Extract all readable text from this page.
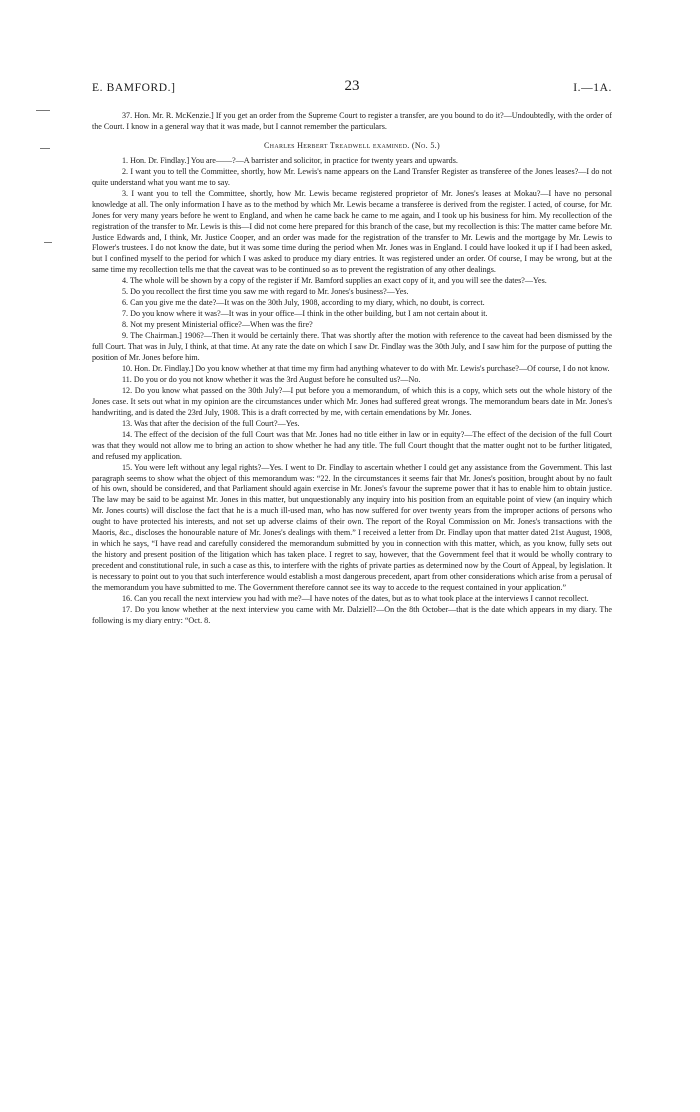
E. BAMFORD.]	23	I.—1A.

37. Hon. Mr. R. McKenzie.] If you get an order from the Supreme Court to register a transfer, are you bound to do it?—Undoubtedly, with the order of the Court. I know in a general way that it was made, but I cannot remember the particulars.

Charles Herbert Treadwell examined. (No. 5.)

1. Hon. Dr. Findlay.] You are——?—A barrister and solicitor, in practice for twenty years and upwards.

2. I want you to tell the Committee, shortly, how Mr. Lewis's name appears on the Land Transfer Register as transferee of the Jones leases?—I do not quite understand what you want me to say.

3. I want you to tell the Committee, shortly, how Mr. Lewis became registered proprietor of Mr. Jones's leases at Mokau?—I have no personal knowledge at all. The only information I have as to the method by which Mr. Lewis became a transferee is derived from the register. I acted, of course, for Mr. Jones for very many years before he went to England, and when he came back he came to me again, and I took up his business for him. My recollection of the registration of the transfer to Mr. Lewis is this—I did not come here prepared for this branch of the case, but my recollection is this: The matter came before Mr. Justice Edwards and, I think, Mr. Justice Cooper, and an order was made for the registration of the transfer to Mr. Lewis and the mortgage by Mr. Lewis to Flower's trustees. I do not know the date, but it was some time during the period when Mr. Jones was in England. I could have looked it up if I had been asked, but I confined myself to the period for which I was asked to produce my diary entries. It was registered under an order. Of course, I may be wrong, but at the same time my recollection tells me that the caveat was to be continued so as to prevent the registration of any other dealings.

4. The whole will be shown by a copy of the register if Mr. Bamford supplies an exact copy of it, and you will see the dates?—Yes.

5. Do you recollect the first time you saw me with regard to Mr. Jones's business?—Yes.

6. Can you give me the date?—It was on the 30th July, 1908, according to my diary, which, no doubt, is correct.

7. Do you know where it was?—It was in your office—I think in the other building, but I am not certain about it.

8. Not my present Ministerial office?—When was the fire?

9. The Chairman.] 1906?—Then it would be certainly there. That was shortly after the motion with reference to the caveat had been dismissed by the full Court. That was in July, I think, at that time. At any rate the date on which I saw Dr. Findlay was the 30th July, and I saw him for the purpose of putting the position of Mr. Jones before him.

10. Hon. Dr. Findlay.] Do you know whether at that time my firm had anything whatever to do with Mr. Lewis's purchase?—Of course, I do not know.

11. Do you or do you not know whether it was the 3rd August before he consulted us?—No.

12. Do you know what passed on the 30th July?—I put before you a memorandum, of which this is a copy, which sets out the whole history of the Jones case. It sets out what in my opinion are the circumstances under which Mr. Jones had suffered great wrongs. The memorandum bears date in Mr. Jones's handwriting, and is dated the 23rd July, 1908. This is a draft corrected by me, with certain emendations by Mr. Jones.

13. Was that after the decision of the full Court?—Yes.

14. The effect of the decision of the full Court was that Mr. Jones had no title either in law or in equity?—The effect of the decision of the full Court was that they would not allow me to bring an action to show whether he had any title. The full Court thought that the matter ought not to be further litigated, and refused my application.

15. You were left without any legal rights?—Yes. I went to Dr. Findlay to ascertain whether I could get any assistance from the Government. This last paragraph seems to show what the object of this memorandum was: “22. In the circumstances it seems fair that Mr. Jones's position, brought about by no fault of his own, should be considered, and that Parliament should again exercise in Mr. Jones's favour the supreme power that it has to enable him to obtain justice. The law may be said to be against Mr. Jones in this matter, but unquestionably any inquiry into his position from an equitable point of view (an inquiry which Mr. Jones courts) will disclose the fact that he is a much ill-used man, who has now suffered for over twenty years from the improper actions of persons who ought to have protected his interests, and not set up adverse claims of their own. The report of the Royal Commission on Mr. Jones's transactions with the Maoris, &c., discloses the honourable nature of Mr. Jones's dealings with them.” I received a letter from Dr. Findlay upon that matter dated 21st August, 1908, in which he says, “I have read and carefully considered the memorandum submitted by you in connection with this matter, which, as you know, fully sets out the history and present position of the litigation which has taken place. I regret to say, however, that the Government feel that it would be wholly contrary to precedent and constitutional rule, in such a case as this, to interfere with the rights of private parties as determined now by the Court of Appeal, by legislation. It is necessary to point out to you that such interference would establish a most dangerous precedent, apart from other considerations which arise from a perusal of the memorandum you have submitted to me. The Government therefore cannot see its way to accede to the request contained in your application.”

16. Can you recall the next interview you had with me?—I have notes of the dates, but as to what took place at the interviews I cannot recollect.

17. Do you know whether at the next interview you came with Mr. Dalziell?—On the 8th October—that is the date which appears in my diary. The following is my diary entry: “Oct. 8.
